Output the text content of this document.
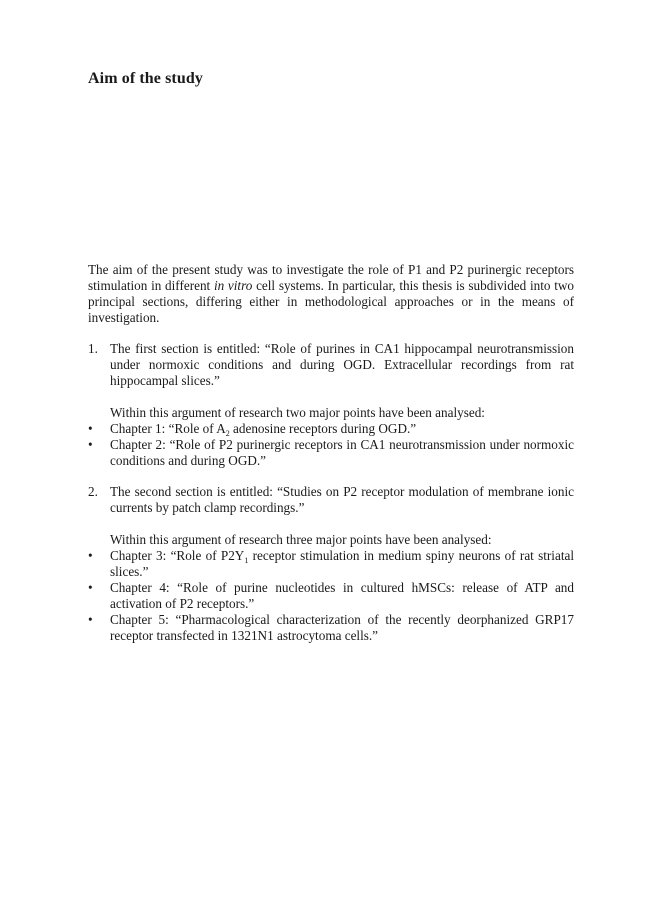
Aim of the study

The aim of the present study was to investigate the role of P1 and P2 purinergic receptors stimulation in different in vitro cell systems. In particular, this thesis is subdivided into two principal sections, differing either in methodological approaches or in the means of investigation.

1. The first section is entitled: “Role of purines in CA1 hippocampal neurotransmission under normoxic conditions and during OGD. Extracellular recordings from rat hippocampal slices.”

Within this argument of research two major points have been analysed:

• Chapter 1: “Role of $A_2$ adenosine receptors during OGD.”
• Chapter 2: “Role of P2 purinergic receptors in CA1 neurotransmission under normoxic conditions and during OGD.”

2. The second section is entitled: “Studies on P2 receptor modulation of membrane ionic currents by patch clamp recordings.”

Within this argument of research three major points have been analysed:

• Chapter 3: “Role of $P2Y_1$ receptor stimulation in medium spiny neurons of rat striatal slices.”
• Chapter 4: “Role of purine nucleotides in cultured hMSCs: release of ATP and activation of P2 receptors.”
• Chapter 5: “Pharmacological characterization of the recently deorphanized GRP17 receptor transfected in 1321N1 astrocytoma cells.”
